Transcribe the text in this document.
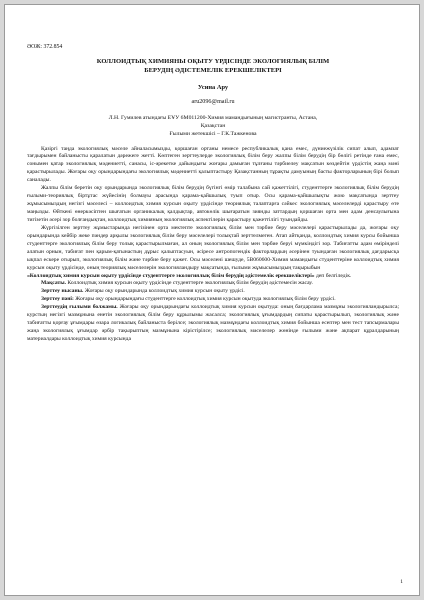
ӘОЖ: 372.854
КОЛЛОИДТЫҚ ХИМИЯНЫ ОҚЫТУ ҮРДІСІНДЕ ЭКОЛОГИЯЛЫҚ БІЛІМ
БЕРУДІҢ ӘДІСТЕМЕЛІК ЕРЕКШЕЛІКТЕРІ
Усина Ару
aru2096@mail.ru
Л.Н. Гумилев атындағы ЕҰУ 6М011200-Химия мамандығының магистранты, Астана,
Қазақстан
Ғылыми жетекшісі – Г.К.Тажкенова

Қазіргі таңда экологиялық мәселе айналасымызды, қоршаған ортаны немесе республикалық қана емес, дүниежүзілік сипат алып, адамзат тағдырымен байланысты қаралатын дәрежеге жетті. Көптеген зерттеулерде экологиялық білім беру жалпы білім берудің бір бөлігі ретінде ғана емес, сонымен қатар экологиялық мәдениетті, санасы, іс-әрекетке дайындығы жоғары дамыған тұлғаны тәрбиелеу мақсатын көздейтін үрдістің жаңа мәні қарастырылады. Жоғары оқу орындарындағы экологиялық мәдениетті қалыптастыру Қазақстанның тұрақты дамуының басты факторларының бірі болып саналады.

Жалпы білім беретін оқу орындарында экологиялық білім берудің бүгінгі өмір талабына сай қажеттілігі, студенттерге экологиялық білім берудің ғылыми-теориялық біртұтас жүйесінің болмауы арасында қарама-қайшылық туып отыр. Осы қарама-қайшылықты жою мақсатында зерттеу жұмысымыздың негізгі мәселесі – коллоидтық химия курсын оқыту үрдісінде теориялық талаптарға сәйкес экологиялық мәселелерді қарастыру өте маңызды. Өйткені өнеркәсіптен шығатын органикалық қалдықтар, автокөлік шығаратын зиянды заттардың қоршаған орта мен адам денсаулығына тигізетін әсері зор болғандықтан, коллоидтық химияның экологиялық аспектілерін қарастыру қажеттілігі туындайды.

Жүргізілген зерттеу жұмыстарында негізінен орта мектепте экологиялық білім мен тәрбие беру мәселелері қарастырылады да, жоғары оқу орындарында кейбір жеке пәндер арқылы экологиялық білім беру мәселелері толықтай зерттелмеген. Атап айтқанда, коллоидтық химия курсы бойынша студенттерге экологиялық білім беру толық қарастырылмаған, ал оның экологиялық білім мен тәрбие беруі мүмкіндігі зор. Табиғатты адам өмірінделі алатын орнын, табиғат пен қарым-қатынастың дұрыс қалыптасуын, әсіресе антропогендік факторлардың әсерінен туындаған экологиялық дағдарысқа ықпал ескере отырып, экологиялық білім және тәрбие беру қажет. Осы мәселені шешуде, 5В060600-Химия мамандығы студенттеріне коллоидтық химия курсын оқыту үрдісінде, оның теориялық мәселелерін экологияландыру мақсатында, ғылыми жұмысымыздың тақырыбын

«Коллоидтық химия курсын оқыту үрдісінде студенттерге экологиялық білім берудің әдістемелік ерекшеліктері» деп белгіледік.

Мақсаты. Коллоидтық химия курсын оқыту үрдісінде студенттерге экологиялық білім берудің әдістемесін жасау.

Зерттеу нысаны. Жоғары оқу орындарында коллоидтық химия курсын оқыту үрдісі.

Зерттеу пәні: Жоғары оқу орындарындағы студенттерге коллоидтық химия курсын оқытуда экологиялық білім беру үрдісі.

Зерттеудің ғылыми болжамы. Жоғары оқу орындарындағы коллоидтық химия курсын оқытуда: оның бағдарлама мазмұны экологияландырылса; курстың негізгі мазмұнына енетін экологиялық білім беру құрылымы жасалса; экологиялық ұғымдардың сипаты қарастырылып, экологиялық және табиғатты қорғау ұғымдары өзара логикалық байланыста берілсе; экологиялық мазмұндағы коллоидтық химия бойынша есептер мен тест тапсырмалары жаңа экологиялық ұғымдар әрбір тақырыптың мазмұнына кірістірілсе; экологиялық мәселелер жөнінде ғылыми және ақпарат құралдарының материалдары коллоидтық химия курсында

1
